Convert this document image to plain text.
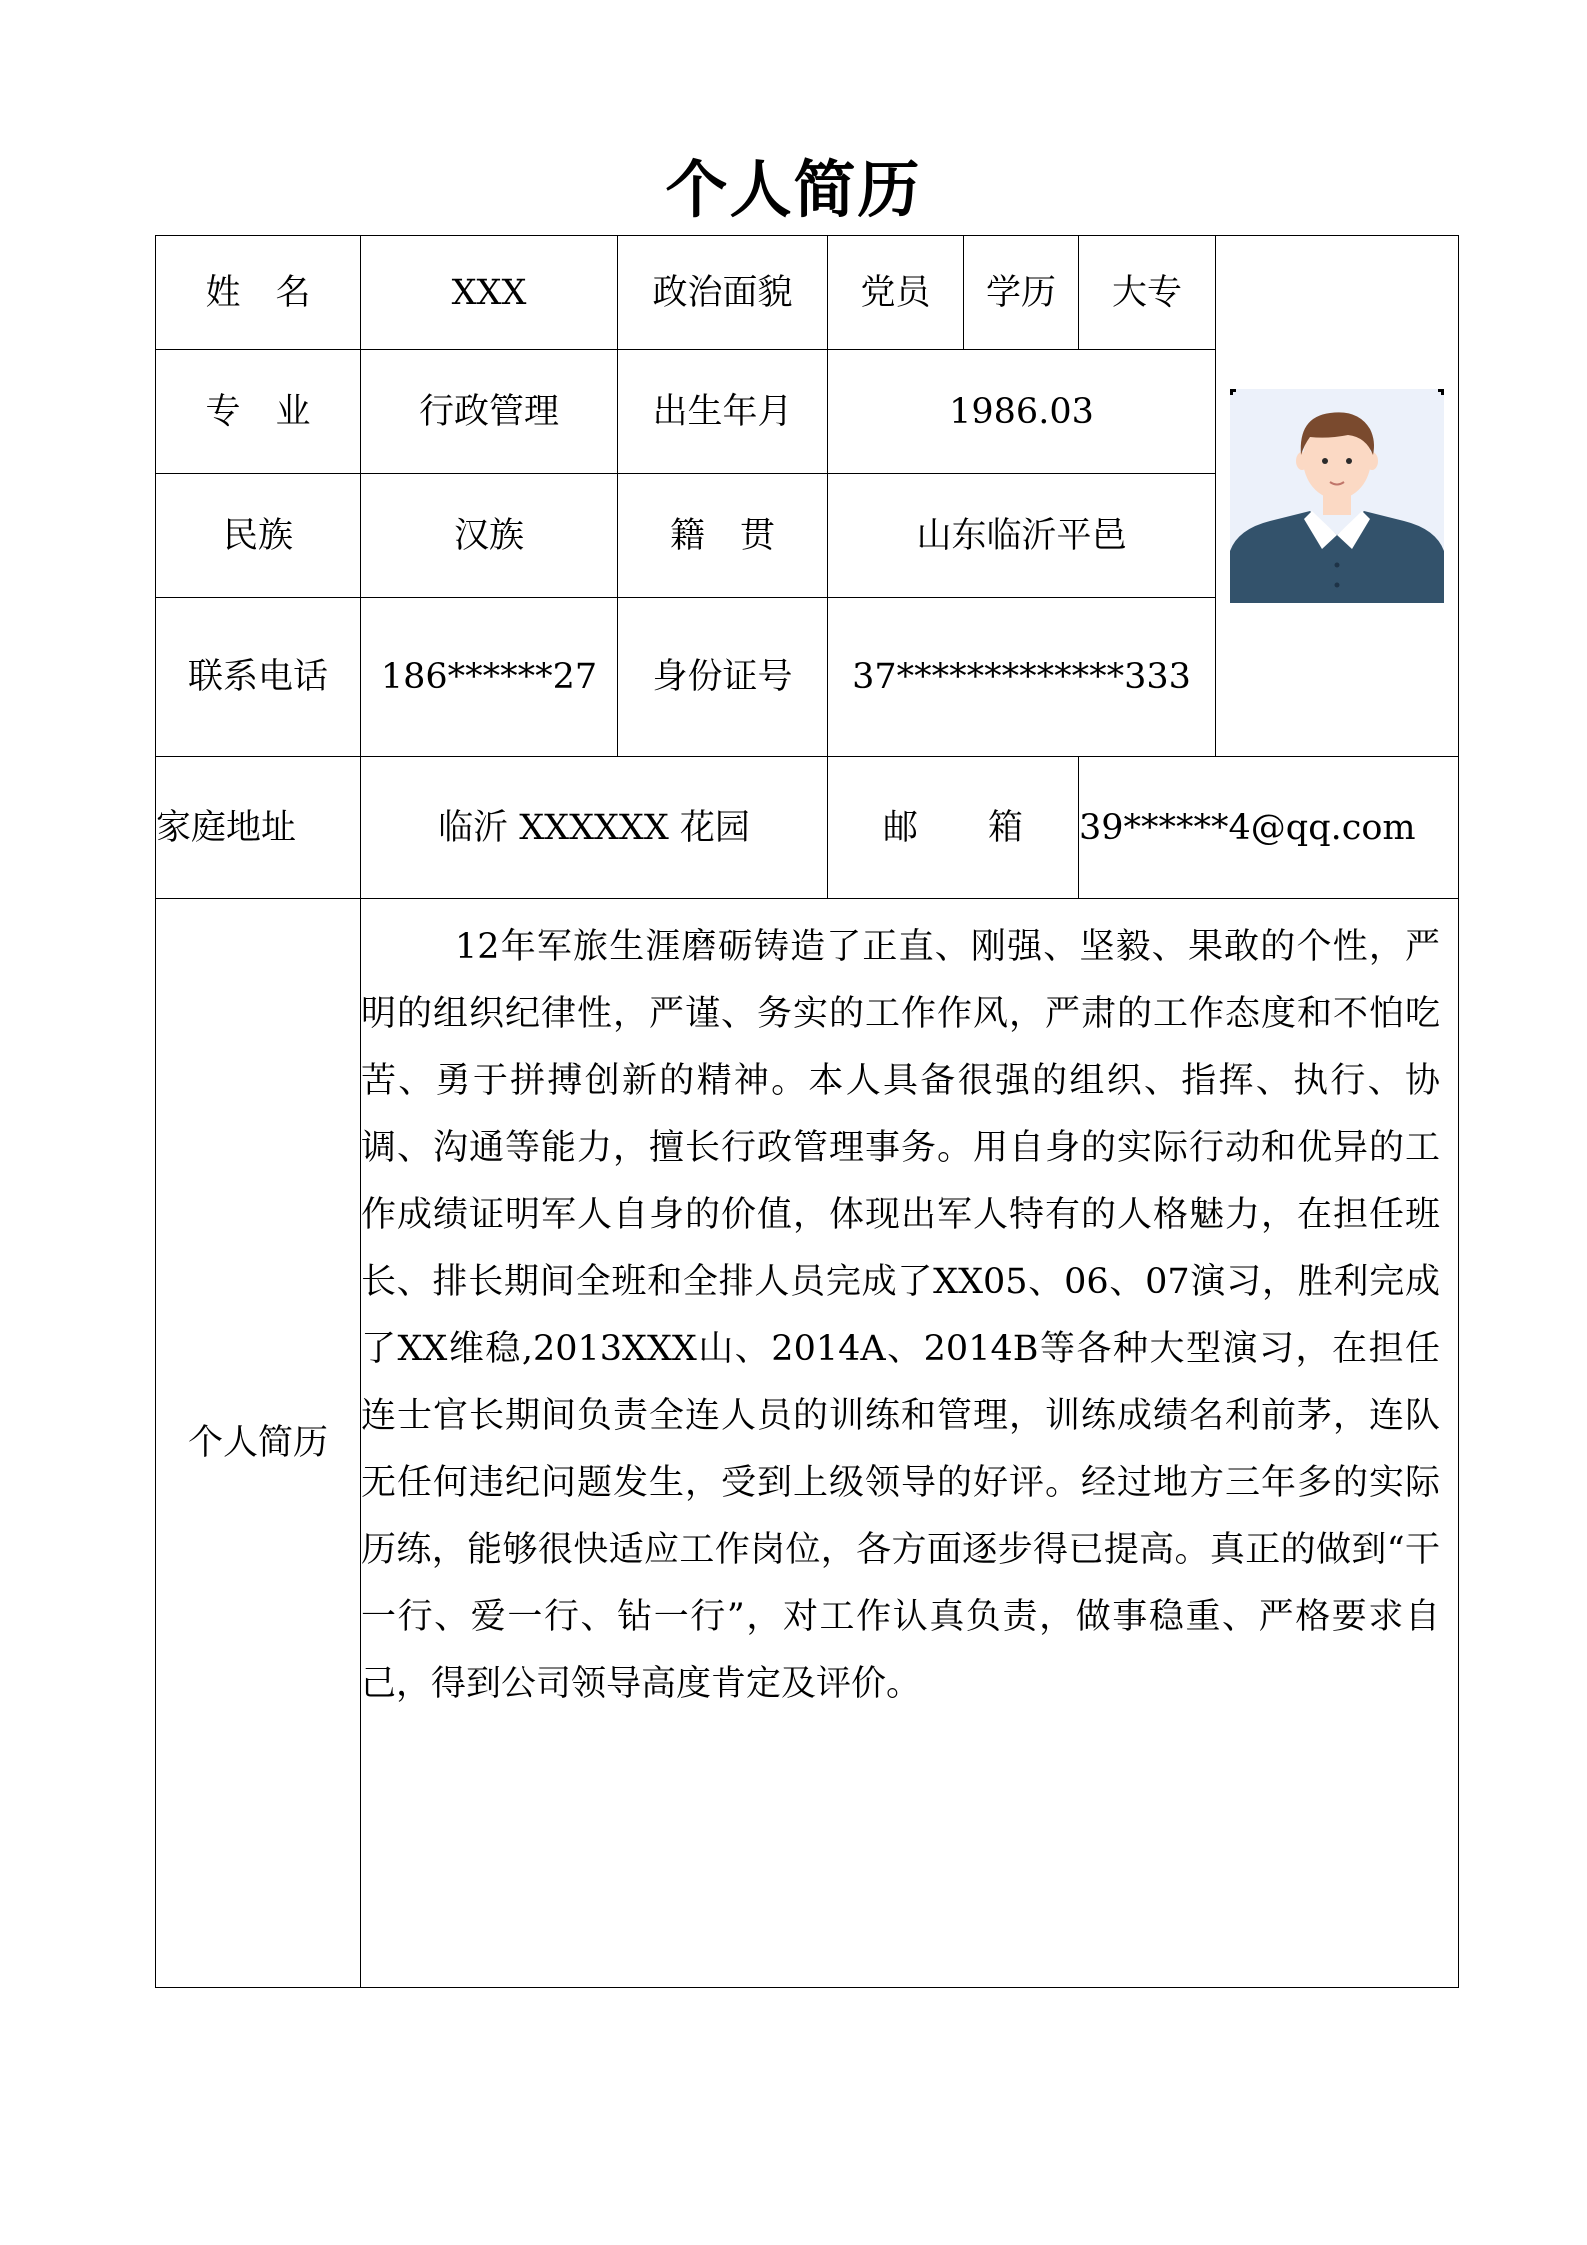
个人简历
姓　名	XXX	政治面貌	党员	学历	大专	

专　业	行政管理	出生年月	1986.03			
民族	汉族	籍　贯	山东临沂平邑			
联系电话	186******27	身份证号	37*************333			
家庭地址	临沂 XXXXXX 花园		邮　　箱		39******4@qq.com	
个人简历	12年军旅生涯磨砺铸造了正直、刚强、坚毅、果敢的个性，严明的组织纪律性，严谨、务实的工作作风，严肃的工作态度和不怕吃苦、勇于拼搏创新的精神。本人具备很强的组织、指挥、执行、协调、沟通等能力，擅长行政管理事务。用自身的实际行动和优异的工作成绩证明军人自身的价值，体现出军人特有的人格魅力，在担任班长、排长期间全班和全排人员完成了XX05、06、07演习，胜利完成了XX维稳,2013XXX山、2014A、2014B等各种大型演习，在担任连士官长期间负责全连人员的训练和管理，训练成绩名利前茅，连队无任何违纪问题发生，受到上级领导的好评。经过地方三年多的实际历练，能够很快适应工作岗位，各方面逐步得已提高。真正的做到“干一行、爱一行、钻一行”，对工作认真负责，做事稳重、严格要求自己，得到公司领导高度肯定及评价。					
